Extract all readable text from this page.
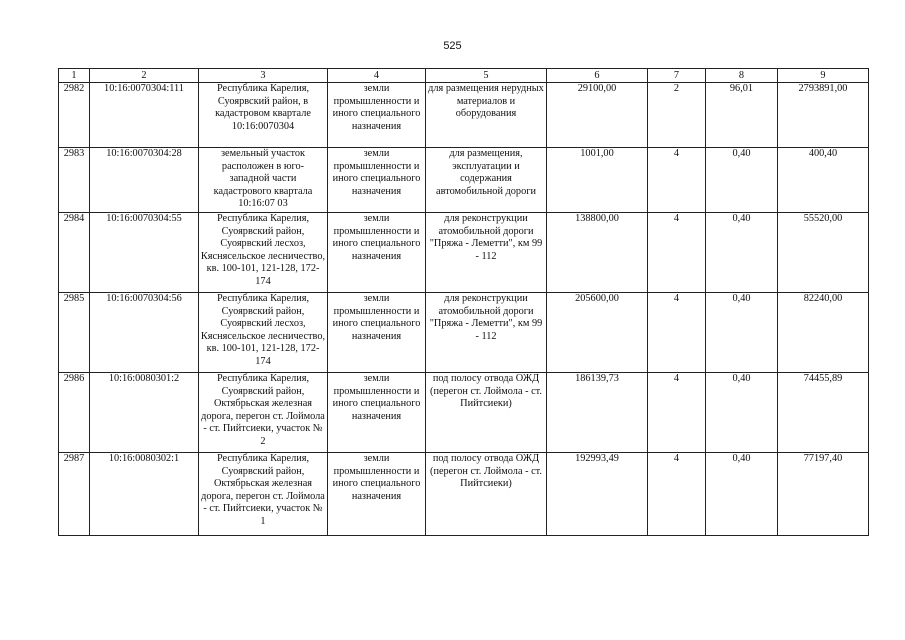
525
1	2	3	4	5	6	7	8	9
2982	10:16:0070304:111	Республика Карелия, Суоярвский район, в кадастровом квартале 10:16:0070304	земли промышленности и иного специального назначения	для размещения нерудных материалов и оборудования	29100,00	2	96,01	2793891,00
2983	10:16:0070304:28	земельный участок расположен в юго-западной части кадастрового квартала 10:16:07 03	земли промышленности и иного специального назначения	для размещения, эксплуатации и содержания автомобильной дороги	1001,00	4	0,40	400,40
2984	10:16:0070304:55	Республика Карелия, Суоярвский район, Суоярвский лесхоз, Кяснясельское лесничество, кв. 100-101, 121-128, 172-174	земли промышленности и иного специального назначения	для реконструкции атомобильной дороги "Пряжа - Леметти", км 99 - 112	138800,00	4	0,40	55520,00
2985	10:16:0070304:56	Республика Карелия, Суоярвский район, Суоярвский лесхоз, Кяснясельское лесничество, кв. 100-101, 121-128, 172-174	земли промышленности и иного специального назначения	для реконструкции атомобильной дороги "Пряжа - Леметти", км 99 - 112	205600,00	4	0,40	82240,00
2986	10:16:0080301:2	Республика Карелия, Суоярвский район, Октябрьская железная дорога, перегон ст. Лоймола - ст. Пийтсиеки, участок № 2	земли промышленности и иного специального назначения	под полосу отвода ОЖД (перегон ст. Лоймола - ст. Пийтсиеки)	186139,73	4	0,40	74455,89
2987	10:16:0080302:1	Республика Карелия, Суоярвский район, Октябрьская железная дорога, перегон ст. Лоймола - ст. Пийтсиеки, участок № 1	земли промышленности и иного специального назначения	под полосу отвода ОЖД (перегон ст. Лоймола - ст. Пийтсиеки)	192993,49	4	0,40	77197,40
